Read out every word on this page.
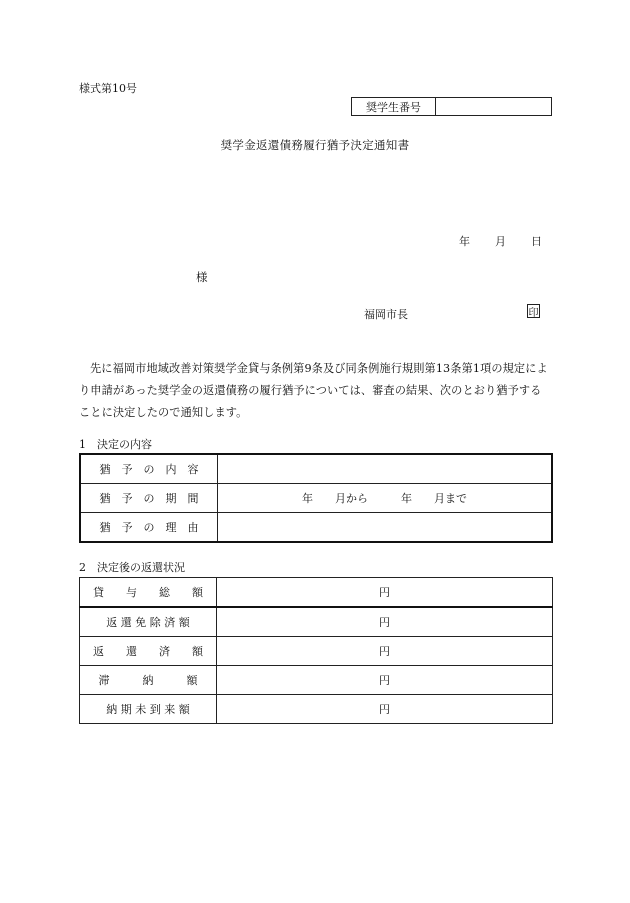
様式第10号
奨学生番号
奨学金返還債務履行猶予決定通知書
年 月 日
様
福岡市長	印
先に福岡市地域改善対策奨学金貸与条例第9条及び同条例施行規則第13条第1項の規定により申請があった奨学金の返還債務の履行猶予については、審査の結果、次のとおり猶予することに決定したので通知します。
1　決定の内容
猶　予　の　内　容	
猶　予　の　期　間	年　　月から　　　年　　月まで
猶　予　の　理　由	
2　決定後の返還状況
貸　　与　　総　　額	円
返 還 免 除 済 額	円
返　　還　　済　　額	円
滞　　　納　　　額	円
納 期 未 到 来 額	円
